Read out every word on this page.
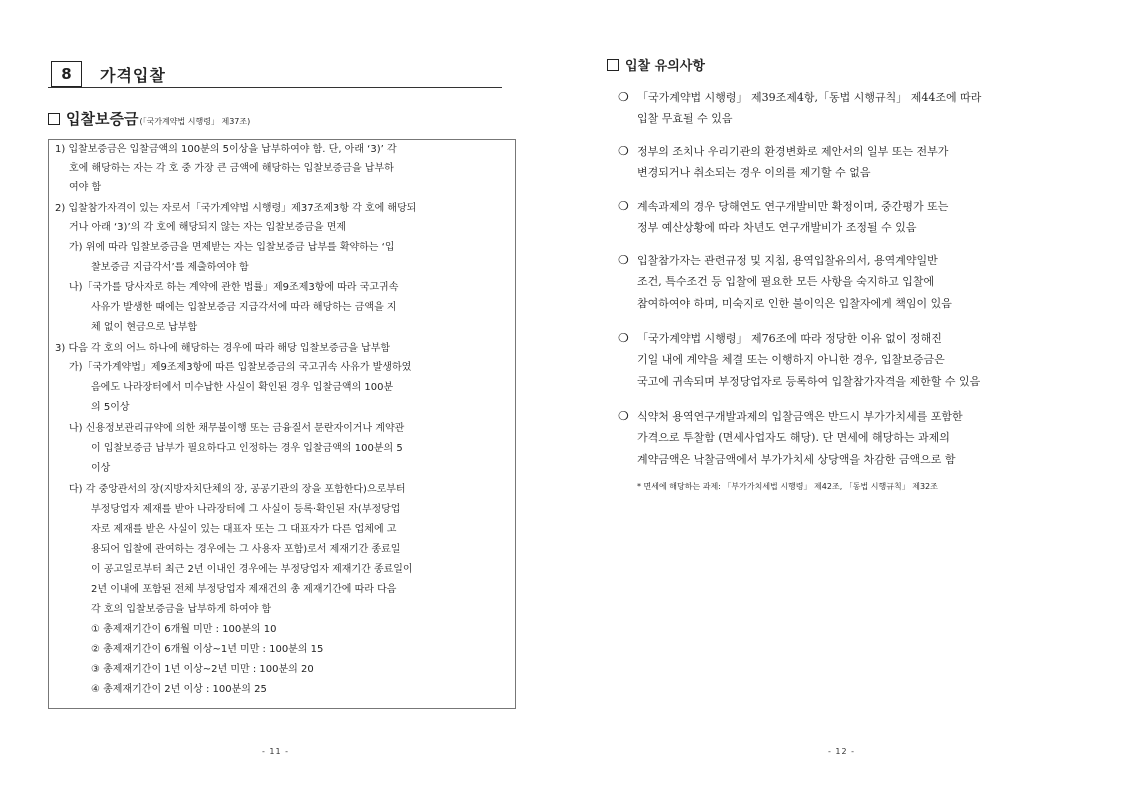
8	가격입찰
입찰보증금(「국가계약법 시행령」 제37조)
1) 입찰보증금은 입찰금액의 100분의 5이상을 납부하여야 함. 단, 아래 ‘3)’ 각
호에 해당하는 자는 각 호 중 가장 큰 금액에 해당하는 입찰보증금을 납부하
여야 함
2) 입찰참가자격이 있는 자로서「국가계약법 시행령」제37조제3항 각 호에 해당되
거나 아래 ‘3)’의 각 호에 해당되지 않는 자는 입찰보증금을 면제
가) 위에 따라 입찰보증금을 면제받는 자는 입찰보증금 납부를 확약하는 ‘입
찰보증금 지급각서’를 제출하여야 함
나)「국가를 당사자로 하는 계약에 관한 법률」제9조제3항에 따라 국고귀속
사유가 발생한 때에는 입찰보증금 지급각서에 따라 해당하는 금액을 지
체 없이 현금으로 납부함
3) 다음 각 호의 어느 하나에 해당하는 경우에 따라 해당 입찰보증금을 납부함
가)「국가계약법」제9조제3항에 따른 입찰보증금의 국고귀속 사유가 발생하였
음에도 나라장터에서 미수납한 사실이 확인된 경우 입찰금액의 100분
의 5이상
나) 신용정보관리규약에 의한 채무불이행 또는 금융질서 문란자이거나 계약관
이 입찰보증금 납부가 필요하다고 인정하는 경우 입찰금액의 100분의 5
이상
다) 각 중앙관서의 장(지방자치단체의 장, 공공기관의 장을 포함한다)으로부터
부정당업자 제재를 받아 나라장터에 그 사실이 등록·확인된 자(부정당업
자로 제재를 받은 사실이 있는 대표자 또는 그 대표자가 다른 업체에 고
용되어 입찰에 관여하는 경우에는 그 사용자 포함)로서 제재기간 종료일
이 공고일로부터 최근 2년 이내인 경우에는 부정당업자 제재기간 종료일이
2년 이내에 포함된 전체 부정당업자 제재건의 총 제재기간에 따라 다음
각 호의 입찰보증금을 납부하게 하여야 함
① 총제재기간이 6개월 미만 : 100분의 10
② 총제재기간이 6개월 이상~1년 미만 : 100분의 15
③ 총제재기간이 1년 이상~2년 미만 : 100분의 20
④ 총제재기간이 2년 이상 : 100분의 25
- 11 -
입찰 유의사항
❍ 「국가계약법 시행령」 제39조제4항,「동법 시행규칙」 제44조에 따라
입찰 무효될 수 있음
❍ 정부의 조치나 우리기관의 환경변화로 제안서의 일부 또는 전부가
변경되거나 취소되는 경우 이의를 제기할 수 없음
❍ 계속과제의 경우 당해연도 연구개발비만 확정이며, 중간평가 또는
정부 예산상황에 따라 차년도 연구개발비가 조정될 수 있음
❍ 입찰참가자는 관련규정 및 지침, 용역입찰유의서, 용역계약일반
조건, 특수조건 등 입찰에 필요한 모든 사항을 숙지하고 입찰에
참여하여야 하며, 미숙지로 인한 불이익은 입찰자에게 책임이 있음
❍ 「국가계약법 시행령」 제76조에 따라 정당한 이유 없이 정해진
기일 내에 계약을 체결 또는 이행하지 아니한 경우, 입찰보증금은
국고에 귀속되며 부정당업자로 등록하여 입찰참가자격을 제한할 수 있음
❍ 식약처 용역연구개발과제의 입찰금액은 반드시 부가가치세를 포함한
가격으로 투찰함 (면세사업자도 해당). 단 면세에 해당하는 과제의
계약금액은 낙찰금액에서 부가가치세 상당액을 차감한 금액으로 함
* 면세에 해당하는 과제: 「부가가치세법 시행령」 제42조, 「동법 시행규칙」 제32조
- 12 -
